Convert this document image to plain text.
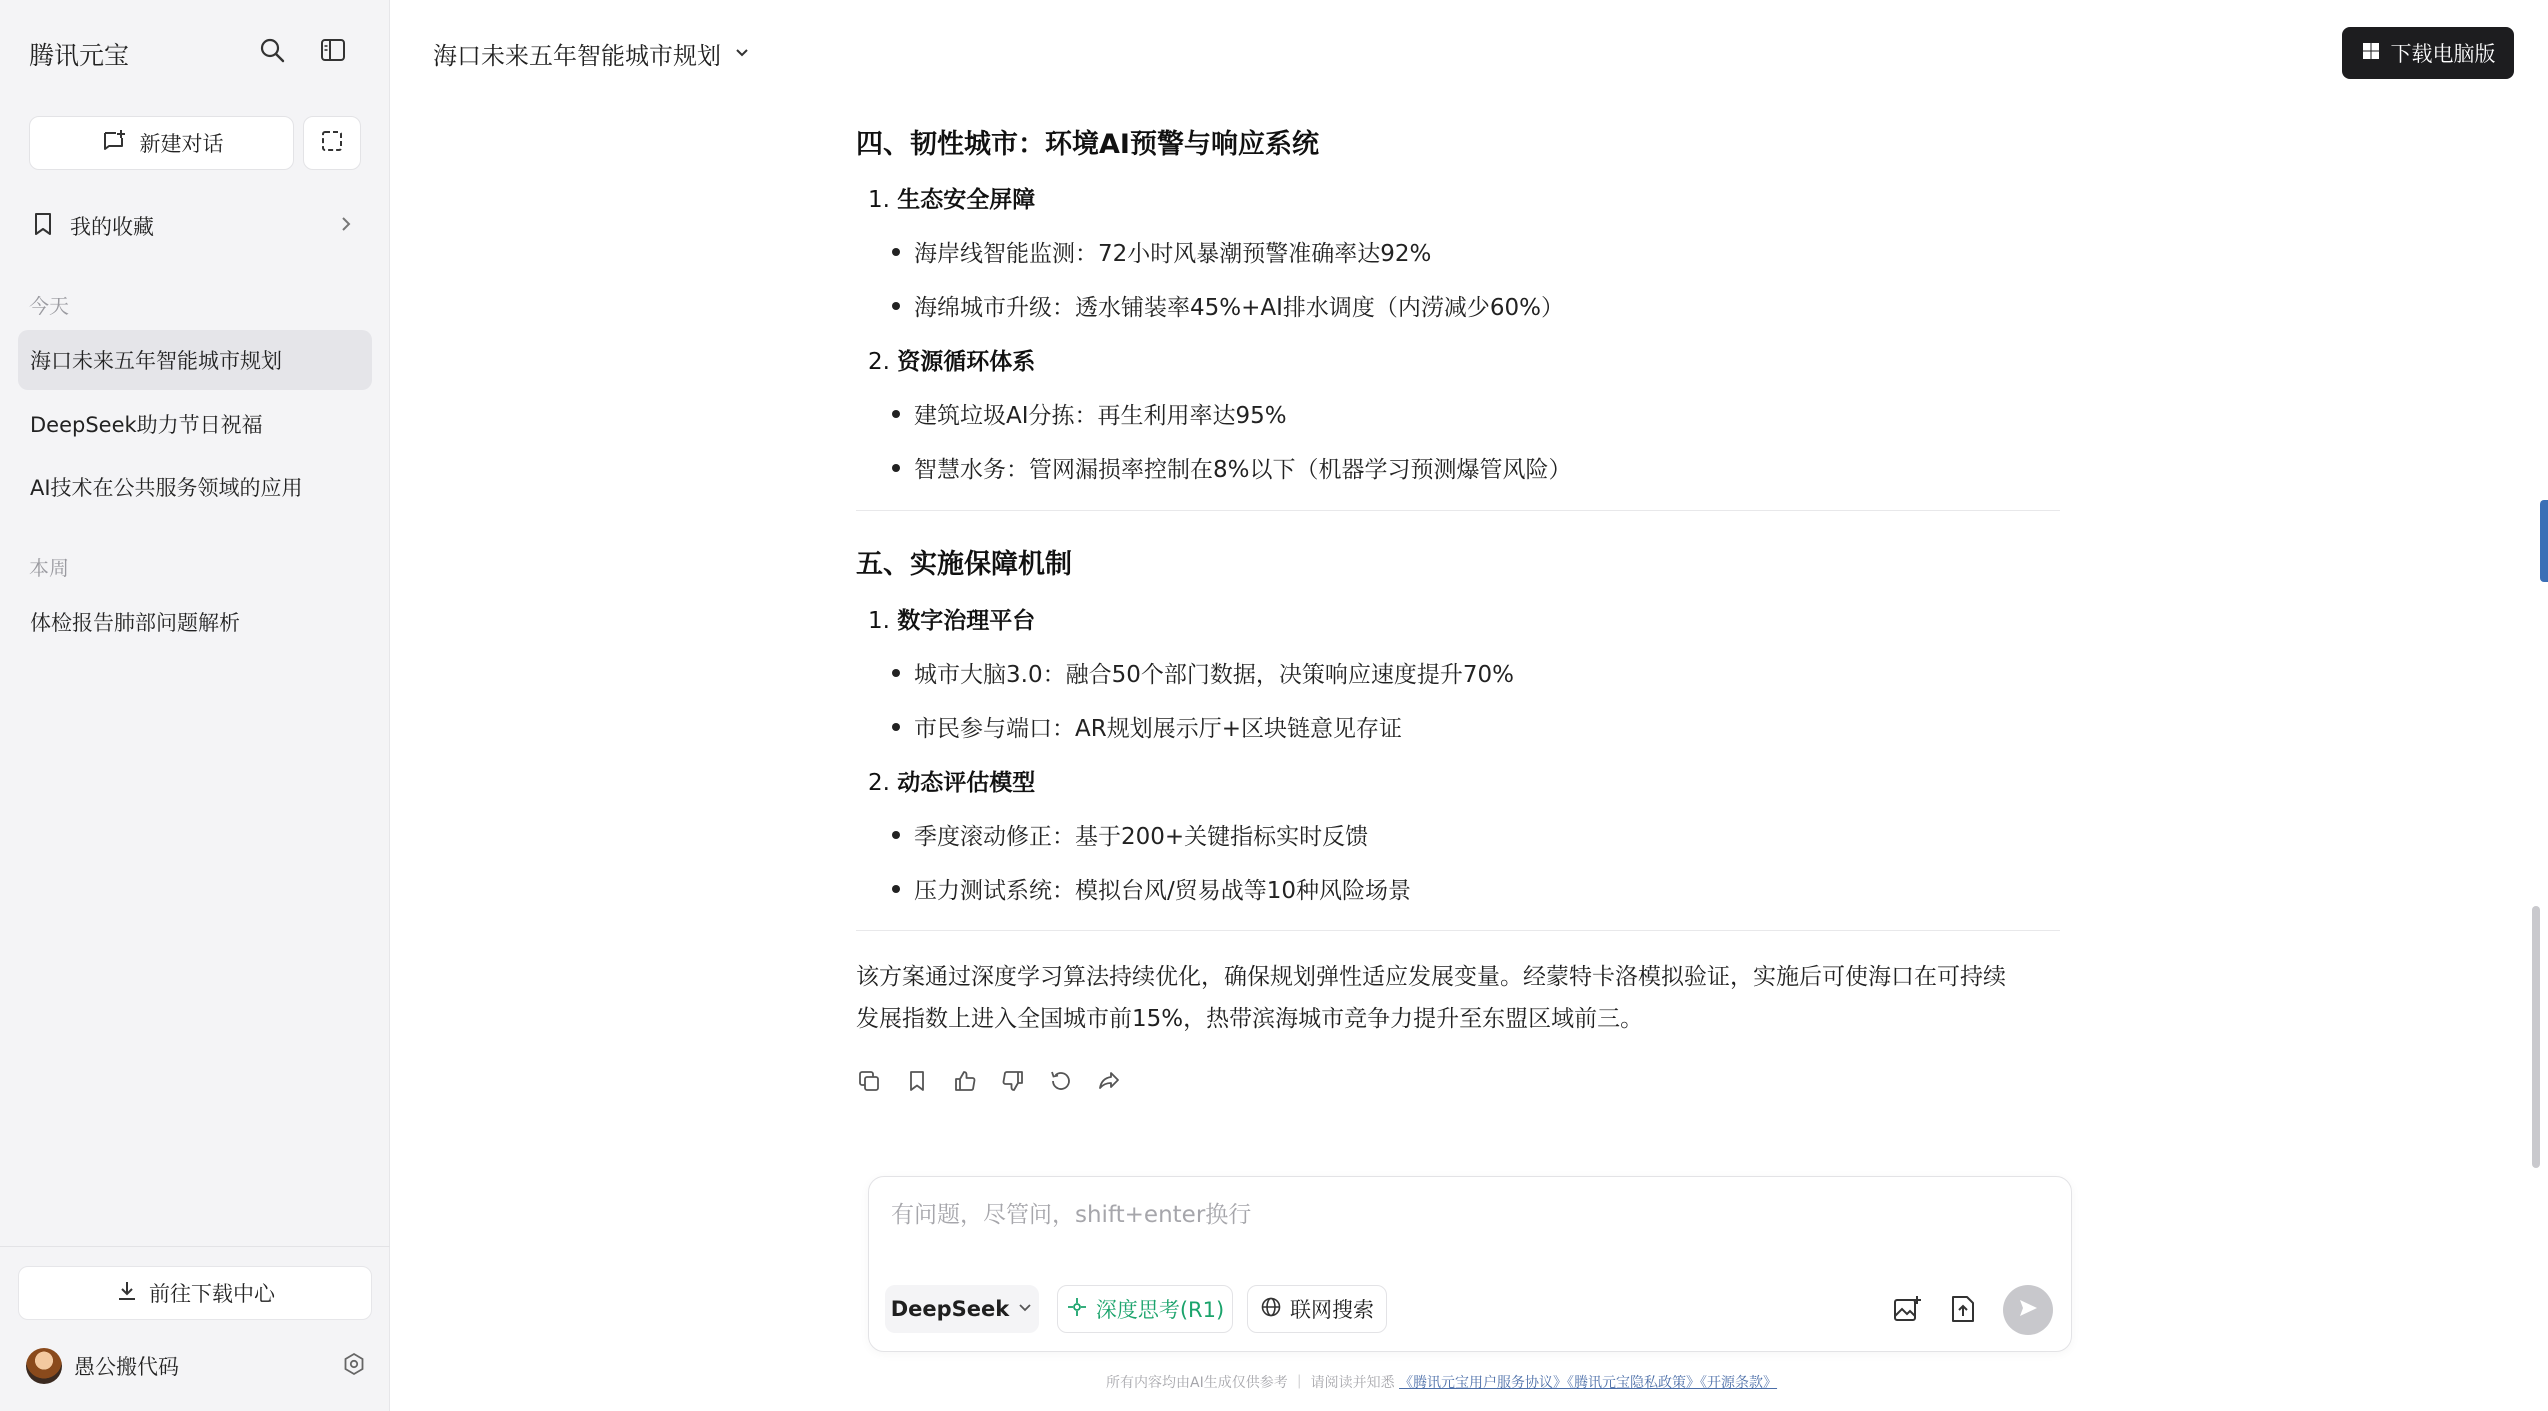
腾讯元宝
新建对话
我的收藏
今天
海口未来五年智能城市规划
DeepSeek助力节日祝福
AI技术在公共服务领域的应用
本周
体检报告肺部问题解析
前往下载中心
愚公搬代码
海口未来五年智能城市规划	下载电脑版
四、韧性城市：环境AI预警与响应系统
1. 生态安全屏障
海岸线智能监测：72小时风暴潮预警准确率达92%
海绵城市升级：透水铺装率45%+AI排水调度（内涝减少60%）
2. 资源循环体系
建筑垃圾AI分拣：再生利用率达95%
智慧水务：管网漏损率控制在8%以下（机器学习预测爆管风险）
五、实施保障机制
1. 数字治理平台
城市大脑3.0：融合50个部门数据，决策响应速度提升70%
市民参与端口：AR规划展示厅+区块链意见存证
2. 动态评估模型
季度滚动修正：基于200+关键指标实时反馈
压力测试系统：模拟台风/贸易战等10种风险场景
该方案通过深度学习算法持续优化，确保规划弹性适应发展变量。经蒙特卡洛模拟验证，实施后可使海口在可持续
发展指数上进入全国城市前15%，热带滨海城市竞争力提升至东盟区域前三。
有问题，尽管问，shift+enter换行
DeepSeek	深度思考(R1)	联网搜索
所有内容均由AI生成仅供参考 ｜ 请阅读并知悉 《腾讯元宝用户服务协议》《腾讯元宝隐私政策》《开源条款》
